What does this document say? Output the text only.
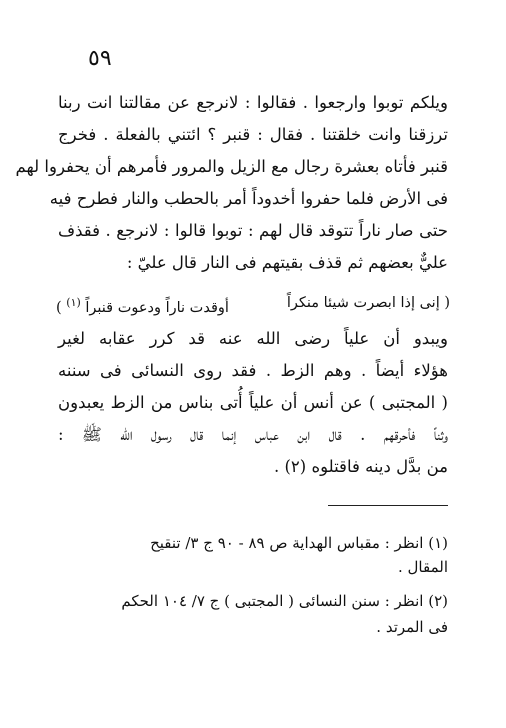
٥٩
ويلكم توبوا وارجعوا . فقالوا : لانرجع عن مقالتنا انت ربنا
ترزقنا وانت خلقتنا . فقال : قنبر ؟ ائتني بالفعلة . فخرج
قنبر فأتاه بعشرة رجال مع الزيل والمرور فأمرهم أن يحفروا لهم
فى الأرض فلما حفروا أخدوداً أمر بالحطب والنار فطرح فيه
حتى صار ناراً تتوقد قال لهم : توبوا قالوا : لانرجع . فقذف
عليٌّ بعضهم ثم قذف بقيتهم فى النار قال عليّ :
( إنى إذا ابصرت شيئا منكراً
أوقدت ناراً ودعوت قنبراً $^{(١)}$ )
ويبدو أن علياً رضى الله عنه قد كرر عقابه لغير
هؤلاء أيضاً . وهم الزط . فقد روى النسائى فى سننه
( المجتبى ) عن أنس أن علياً أُتى بناس من الزط يعبدون
وثناً فأحرقهم . قال ابن عباس إنما قال رسول الله ﷺ :
من بدَّل دينه فاقتلوه (٢) .
(١) انظر : مقباس الهداية ص ٨٩ - ٩٠ ج ٣/ تنقيح
المقال .
(٢) انظر : سنن النسائى ( المجتبى ) ج ٧/ ١٠٤ الحكم
فى المرتد .
